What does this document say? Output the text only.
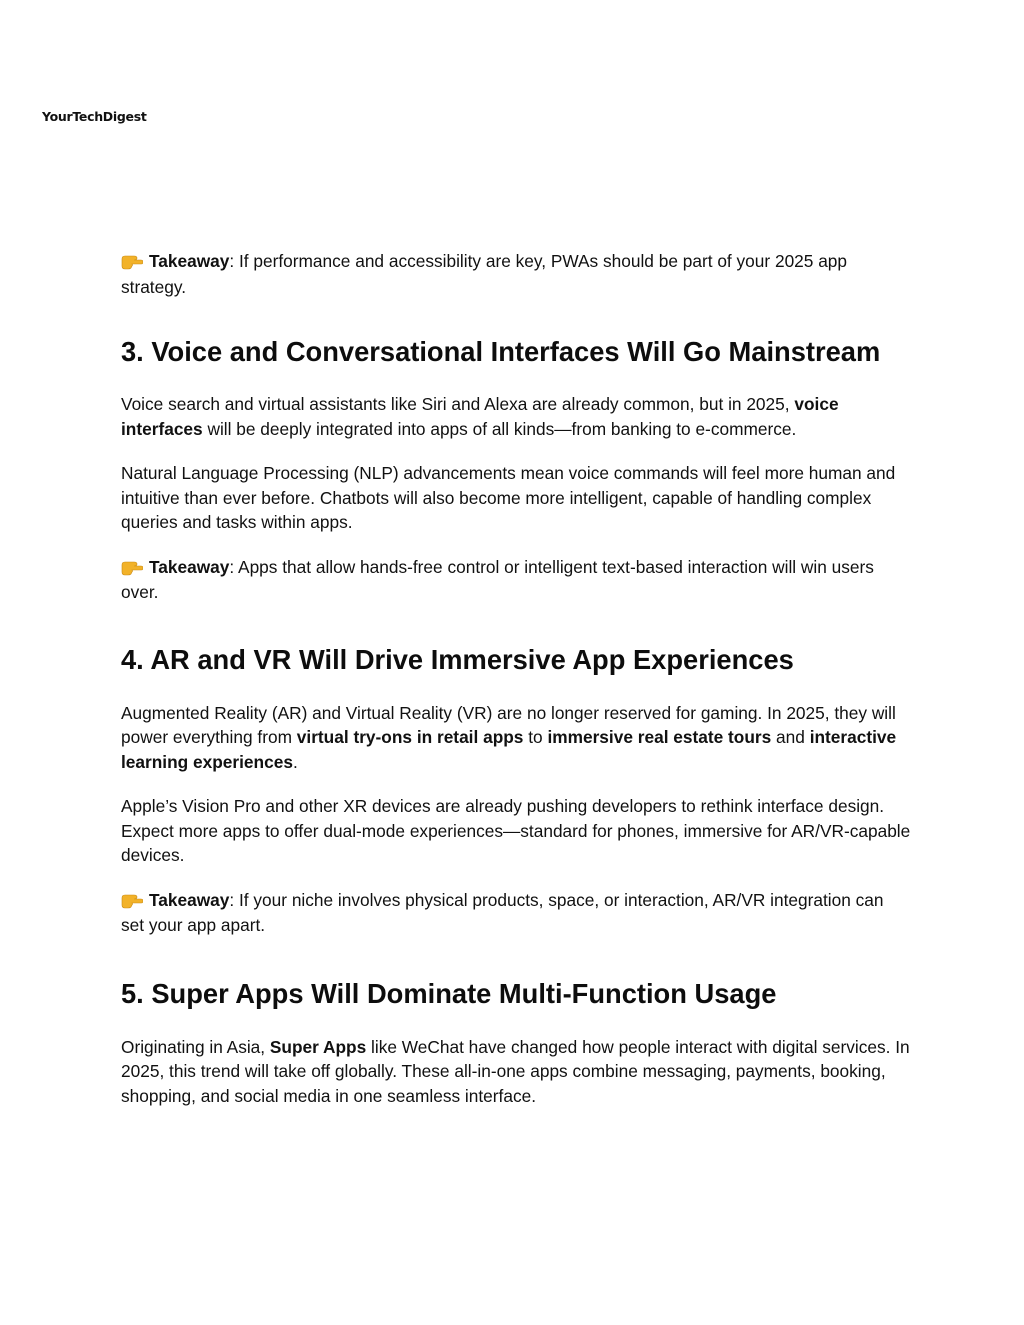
YourTechDigest

Takeaway: If performance and accessibility are key, PWAs should be part of your 2025 app strategy.

3. Voice and Conversational Interfaces Will Go Mainstream

Voice search and virtual assistants like Siri and Alexa are already common, but in 2025, voice interfaces will be deeply integrated into apps of all kinds—from banking to e-commerce.

Natural Language Processing (NLP) advancements mean voice commands will feel more human and intuitive than ever before. Chatbots will also become more intelligent, capable of handling complex queries and tasks within apps.

Takeaway: Apps that allow hands-free control or intelligent text-based interaction will win users over.

4. AR and VR Will Drive Immersive App Experiences

Augmented Reality (AR) and Virtual Reality (VR) are no longer reserved for gaming. In 2025, they will power everything from virtual try-ons in retail apps to immersive real estate tours and interactive learning experiences.

Apple’s Vision Pro and other XR devices are already pushing developers to rethink interface design. Expect more apps to offer dual-mode experiences—standard for phones, immersive for AR/VR-capable devices.

Takeaway: If your niche involves physical products, space, or interaction, AR/VR integration can set your app apart.

5. Super Apps Will Dominate Multi-Function Usage

Originating in Asia, Super Apps like WeChat have changed how people interact with digital services. In 2025, this trend will take off globally. These all-in-one apps combine messaging, payments, booking, shopping, and social media in one seamless interface.
